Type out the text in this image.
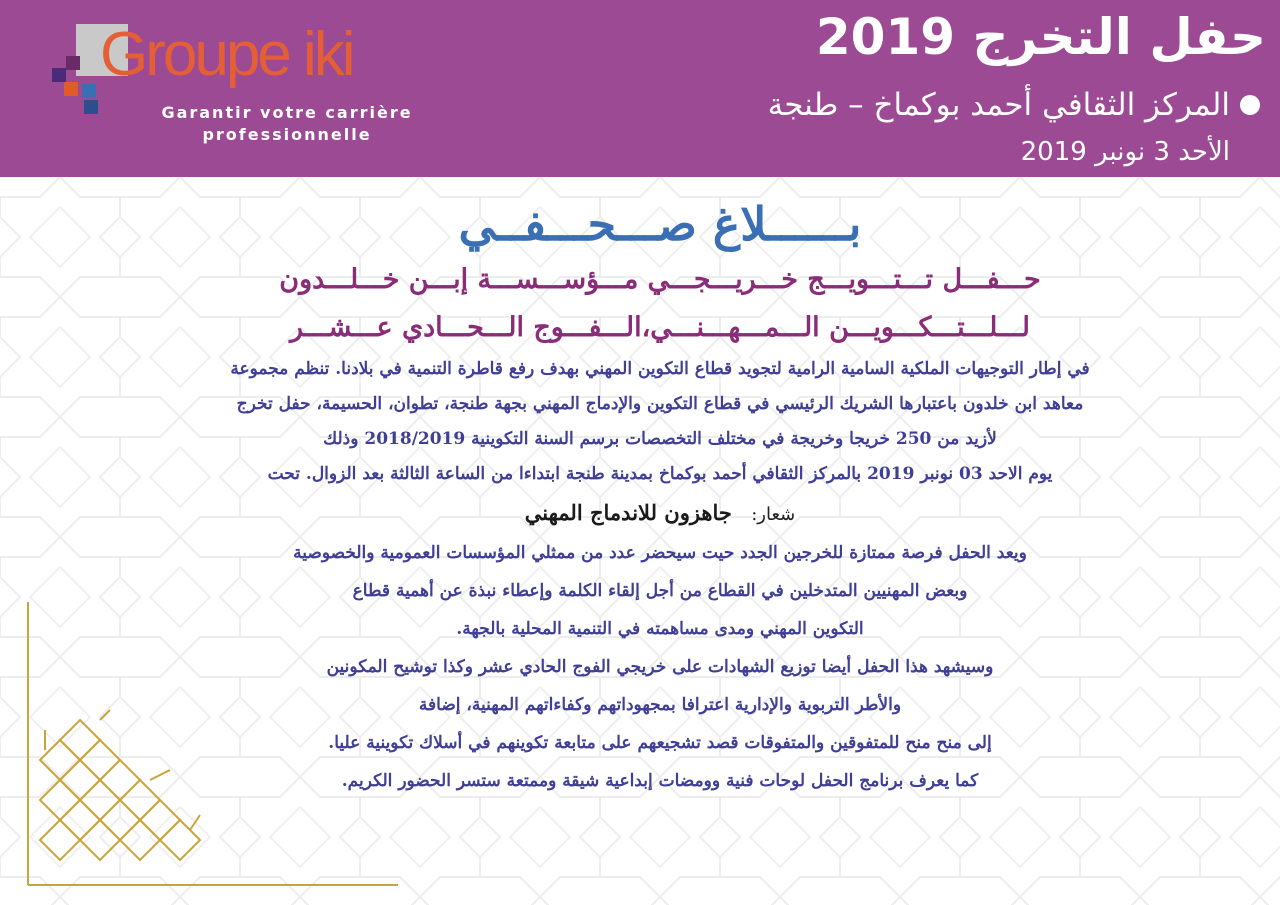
Groupe iki
Garantir votre carrière
professionnelle
حفل التخرج 2019
المركز الثقافي أحمد بوكماخ – طنجة
الأحد 3 نونبر 2019
بــــــلاغ صـــحـــفــي
حـــفـــل تـــتـــويـــج خـــريـــجـــي مـــؤســـســـة إبـــن خـــلـــدون
لـــلـــتـــكـــويـــن الـــمـــهـــنـــي،الـــفـــوج الـــحـــادي عـــشـــر
في إطار التوجيهات الملكية السامية الرامية لتجويد قطاع التكوين المهني بهدف رفع قاطرة التنمية في بلادنا. تنظم مجموعة
معاهد ابن خلدون باعتبارها الشريك الرئيسي في قطاع التكوين والإدماج المهني بجهة طنجة، تطوان، الحسيمة، حفل تخرج
لأزيد من 250 خريجا وخريجة في مختلف التخصصات برسم السنة التكوينية 2018/2019 وذلك
يوم الاحد 03 نونبر 2019 بالمركز الثقافي أحمد بوكماخ بمدينة طنجة ابتداءا من الساعة الثالثة بعد الزوال. تحت
شعار: جاهزون للاندماج المهني
ويعد الحفل فرصة ممتازة للخرجين الجدد حيت سيحضر عدد من ممثلي المؤسسات العمومية والخصوصية
وبعض المهنيين المتدخلين في القطاع من أجل إلقاء الكلمة وإعطاء نبذة عن أهمية قطاع
التكوين المهني ومدى مساهمته في التنمية المحلية بالجهة.
وسيشهد هذا الحفل أيضا توزيع الشهادات على خريجي الفوج الحادي عشر وكذا توشيح المكونين
والأطر التربوية والإدارية اعترافا بمجهوداتهم وكفاءاتهم المهنية، إضافة
إلى منح منح للمتفوقين والمتفوقات قصد تشجيعهم على متابعة تكوينهم في أسلاك تكوينية عليا.
كما يعرف برنامج الحفل لوحات فنية وومضات إبداعية شيقة وممتعة ستسر الحضور الكريم.
